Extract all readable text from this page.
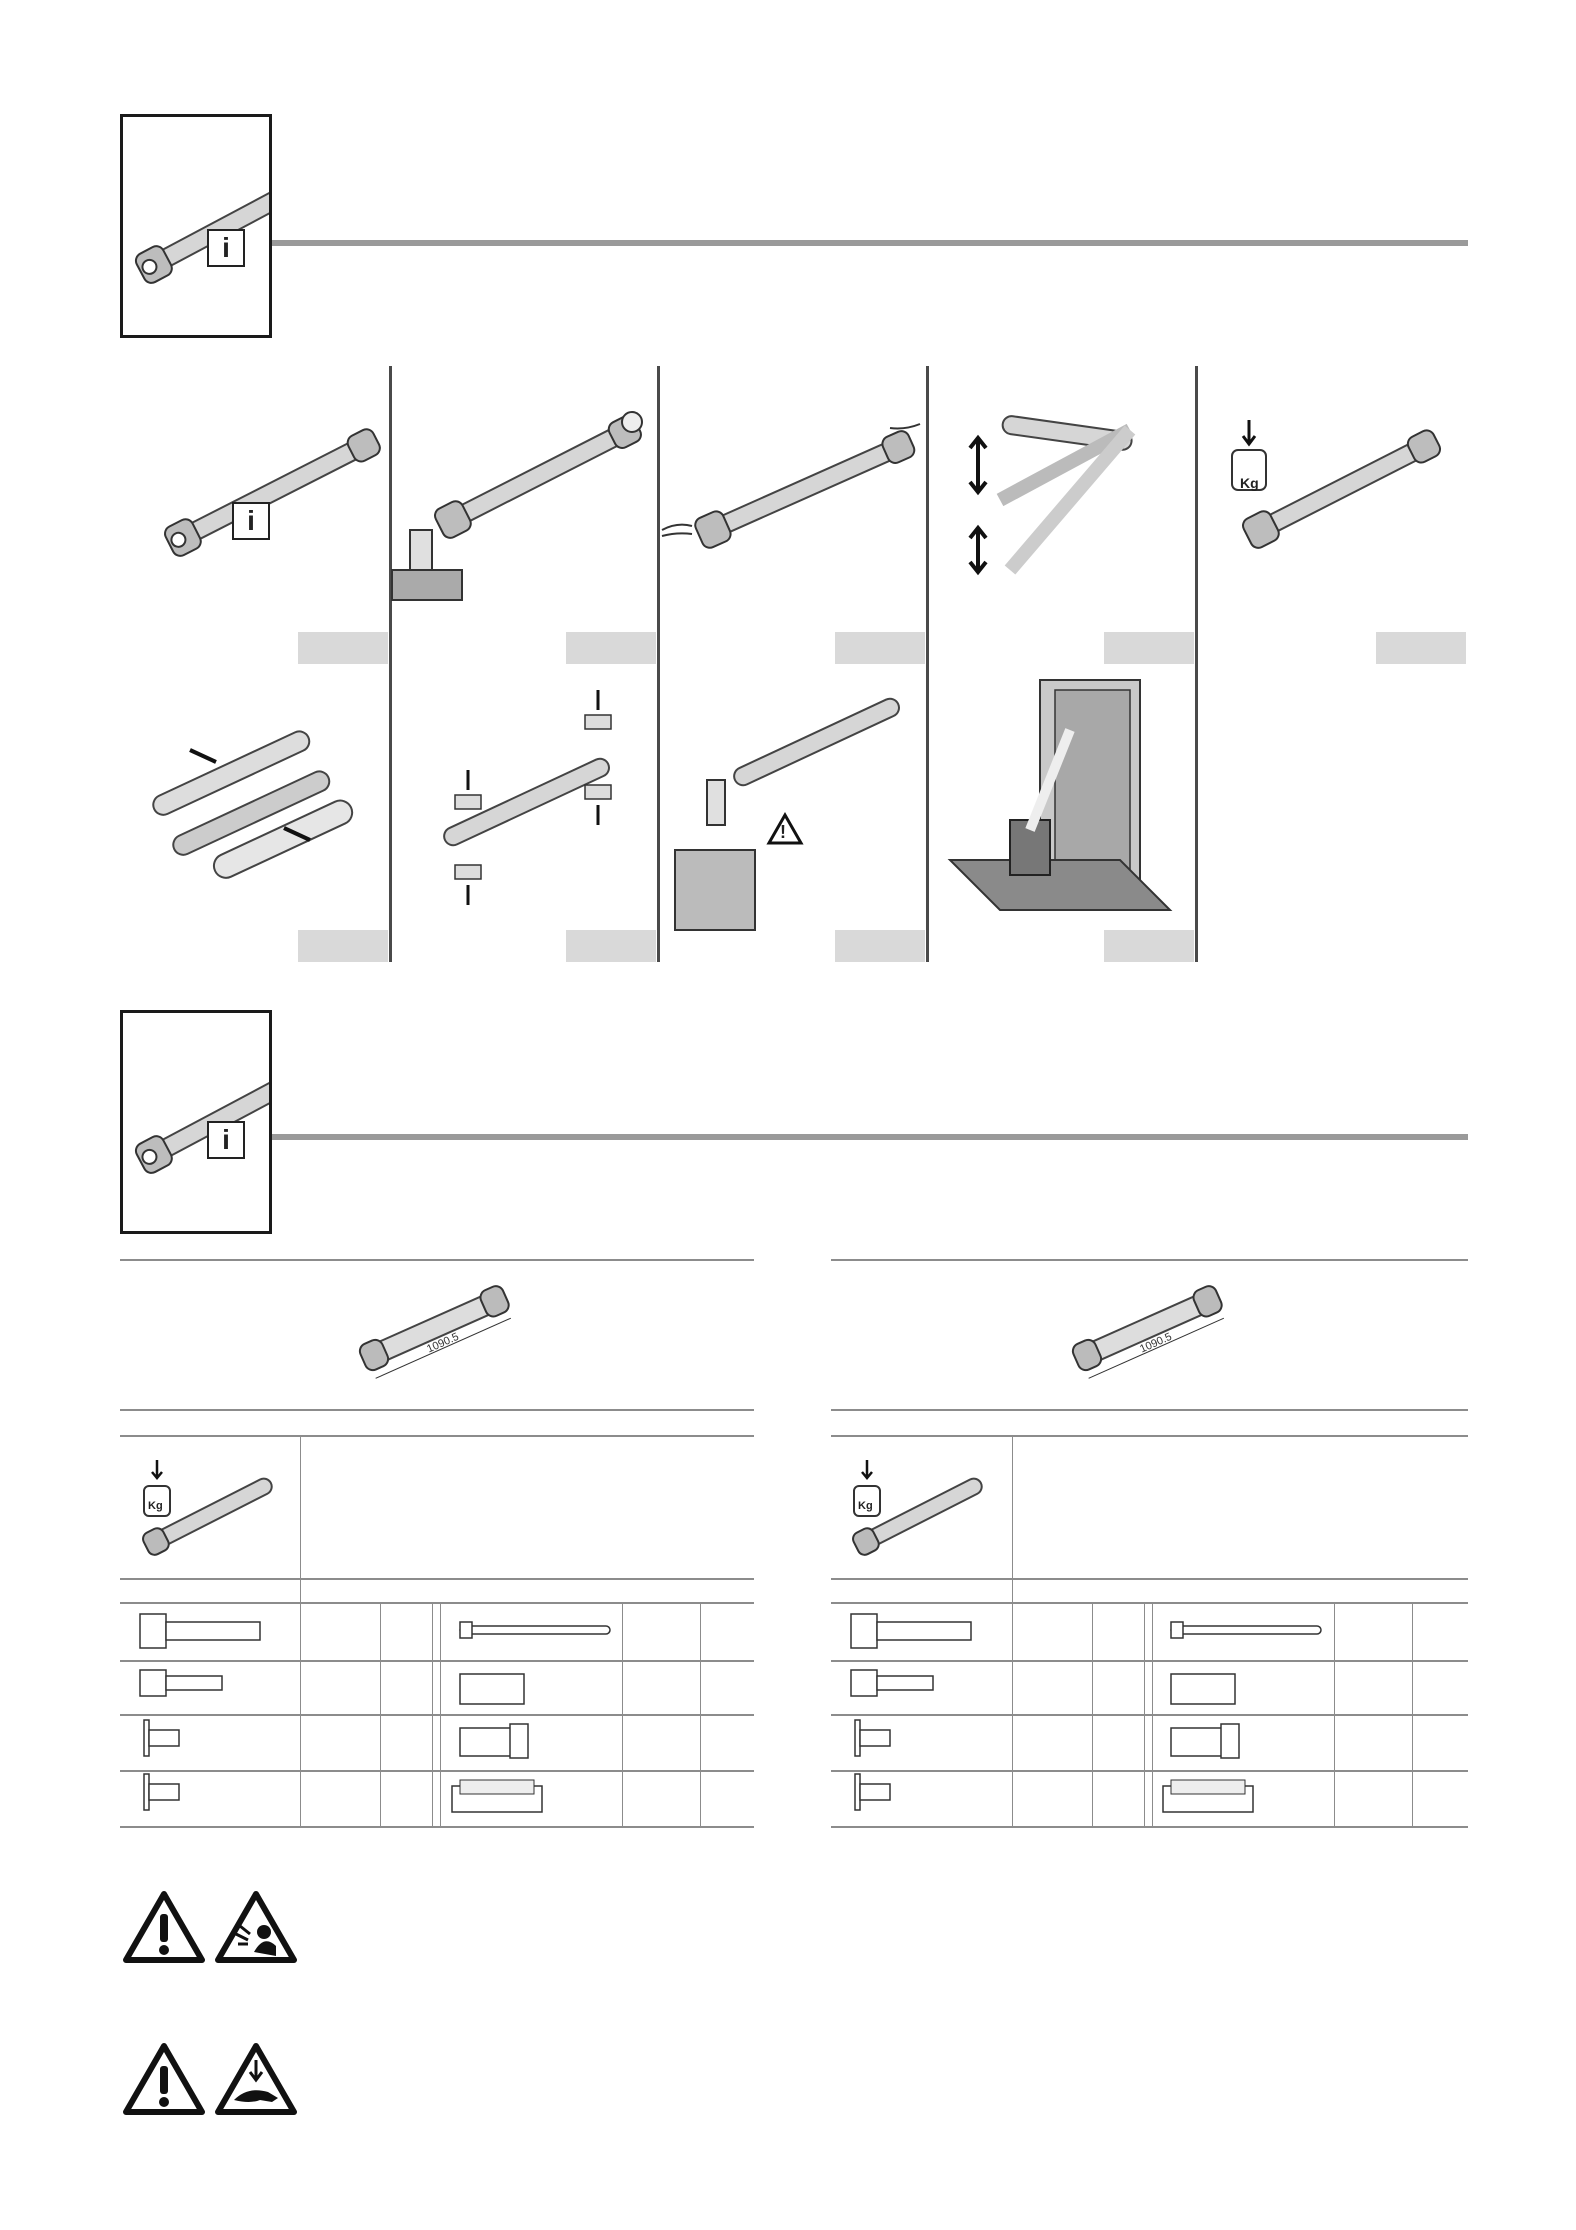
i
i
Kg
!
i
1090.5
Kg
1090.5
Kg
